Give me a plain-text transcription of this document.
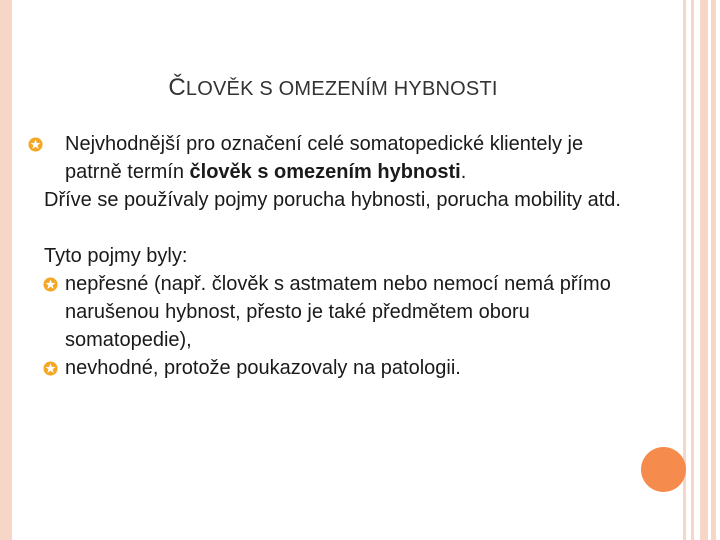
ČLOVĚK S OMEZENÍM HYBNOSTI
Nejvhodnější pro označení celé somatopedické klientely je patrně termín člověk s omezením hybnosti.
Dříve se používaly pojmy porucha hybnosti, porucha mobility atd.
Tyto pojmy byly:
nepřesné (např. člověk s astmatem nebo nemocí nemá přímo narušenou hybnost, přesto je také předmětem oboru somatopedie),
nevhodné, protože poukazovaly na patologii.
